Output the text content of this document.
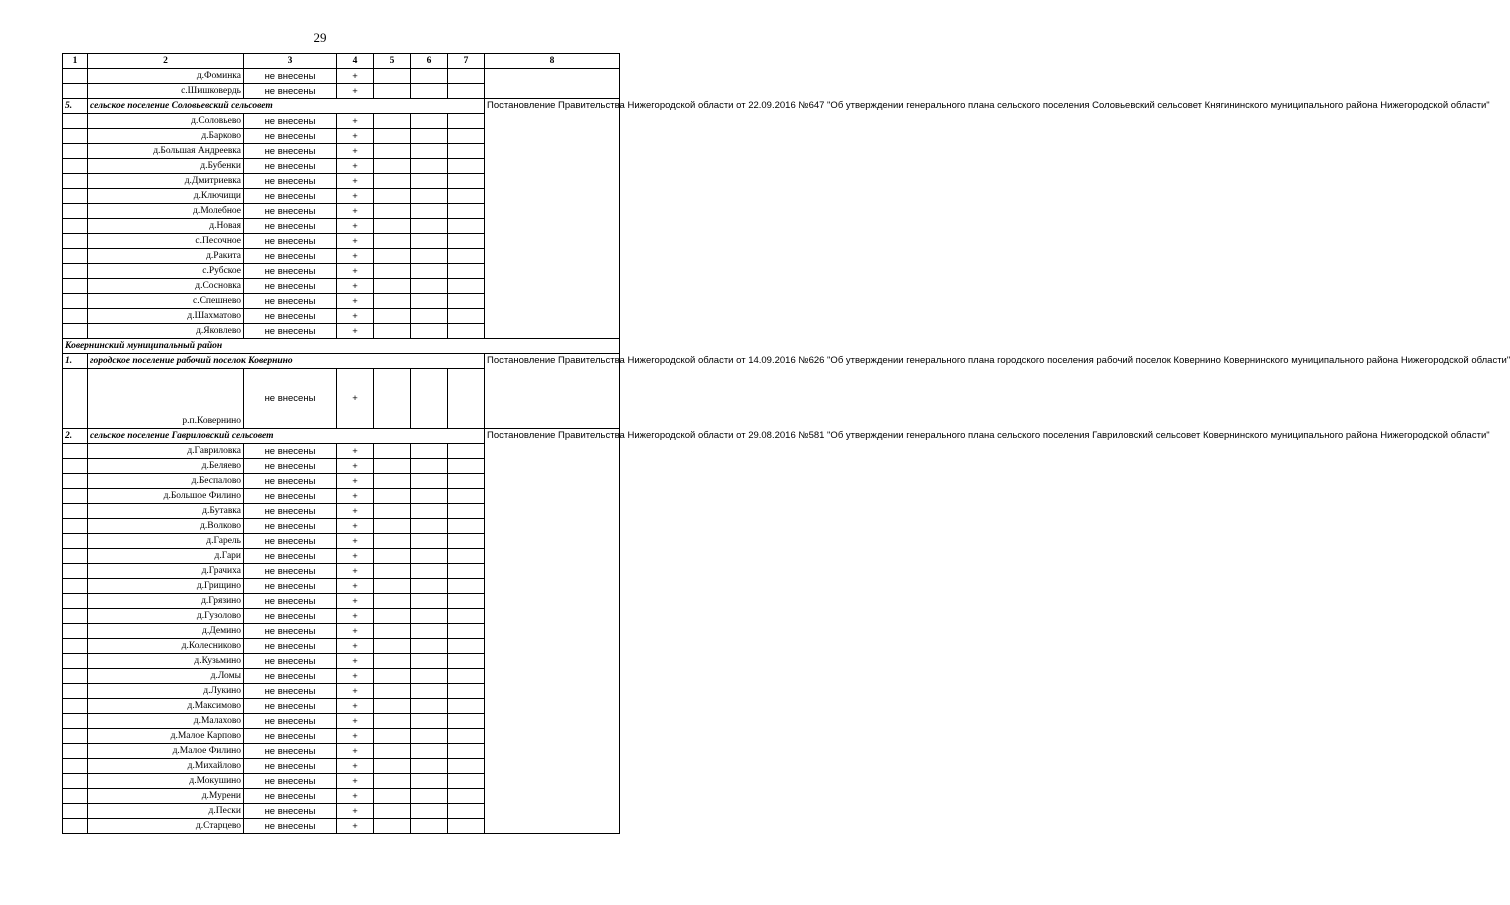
29
1	2	3	4	5	6	7	8
	д.Фоминка	не внесены	+				
	с.Шишковердь	не внесены	+				
5.	сельское поселение Соловьевский сельсовет						Постановление Правительства Нижегородской области от 22.09.2016 №647 "Об утверждении генерального плана сельского поселения Соловьевский сельсовет Княгининского муниципального района Нижегородской области"
	д.Соловьево	не внесены	+				
	д.Барково	не внесены	+				
	д.Большая Андреевка	не внесены	+				
	д.Бубенки	не внесены	+				
	д.Дмитриевка	не внесены	+				
	д.Ключищи	не внесены	+				
	д.Молебное	не внесены	+				
	д.Новая	не внесены	+				
	с.Песочное	не внесены	+				
	д.Ракита	не внесены	+				
	с.Рубское	не внесены	+				
	д.Сосновка	не внесены	+				
	с.Спешнево	не внесены	+				
	д.Шахматово	не внесены	+				
	д.Яковлево	не внесены	+				
Ковернинский муниципальный район							
1.	городское поселение рабочий поселок Ковернино						Постановление Правительства Нижегородской области от 14.09.2016 №626 "Об утверждении генерального плана городского поселения рабочий поселок Ковернино Ковернинского муниципального района Нижегородской области"
	р.п.Ковернино	не внесены	+				
2.	сельское поселение Гавриловский сельсовет						Постановление Правительства Нижегородской области от 29.08.2016 №581 "Об утверждении генерального плана сельского поселения Гавриловский сельсовет Ковернинского муниципального района Нижегородской области"
	д.Гавриловка	не внесены	+				
	д.Беляево	не внесены	+				
	д.Беспалово	не внесены	+				
	д.Большое Филино	не внесены	+				
	д.Бутавка	не внесены	+				
	д.Волково	не внесены	+				
	д.Гарель	не внесены	+				
	д.Гари	не внесены	+				
	д.Грачиха	не внесены	+				
	д.Грищино	не внесены	+				
	д.Грязино	не внесены	+				
	д.Гузолово	не внесены	+				
	д.Демино	не внесены	+				
	д.Колесниково	не внесены	+				
	д.Кузьмино	не внесены	+				
	д.Ломы	не внесены	+				
	д.Лукино	не внесены	+				
	д.Максимово	не внесены	+				
	д.Малахово	не внесены	+				
	д.Малое Карпово	не внесены	+				
	д.Малое Филино	не внесены	+				
	д.Михайлово	не внесены	+				
	д.Мокушино	не внесены	+				
	д.Мурени	не внесены	+				
	д.Пески	не внесены	+				
	д.Старцево	не внесены	+				
